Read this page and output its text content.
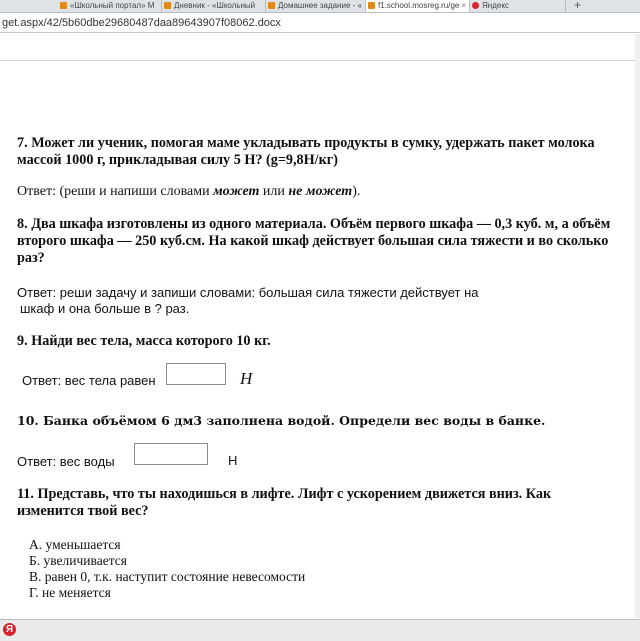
«Школьный портал» М	Дневник - «Школьный	Домашнее задание - «	f1.school.mosreg.ru/ge ×	Яндекс	+
get.aspx/42/5b60dbe29680487daa89643907f08062.docx
7. Может ли ученик, помогая маме укладывать продукты в сумку, удержать пакет молока массой 1000 г, прикладывая силу 5 Н? (g=9,8Н/кг)
Ответ: (реши и напиши словами может или не может).
8. Два шкафа изготовлены из одного материала. Объём первого шкафа — 0,3 куб. м, а объём второго шкафа — 250 куб.см. На какой шкаф действует большая сила тяжести и во сколько раз?
Ответ: реши задачу и запиши словами: большая сила тяжести действует на
шкаф и она больше в ? раз.
9. Найди вес тела, масса которого 10 кг.
Ответ: вес тела равен	Н
10. Банка объёмом 6 дм3 заполнена водой. Определи вес воды в банке.
Ответ: вес воды	Н
11. Представь, что ты находишься в лифте. Лифт с ускорением движется вниз. Как изменится твой вес?
А. уменьшается
Б. увеличивается
В. равен 0, т.к. наступит состояние невесомости
Г. не меняется
Я
